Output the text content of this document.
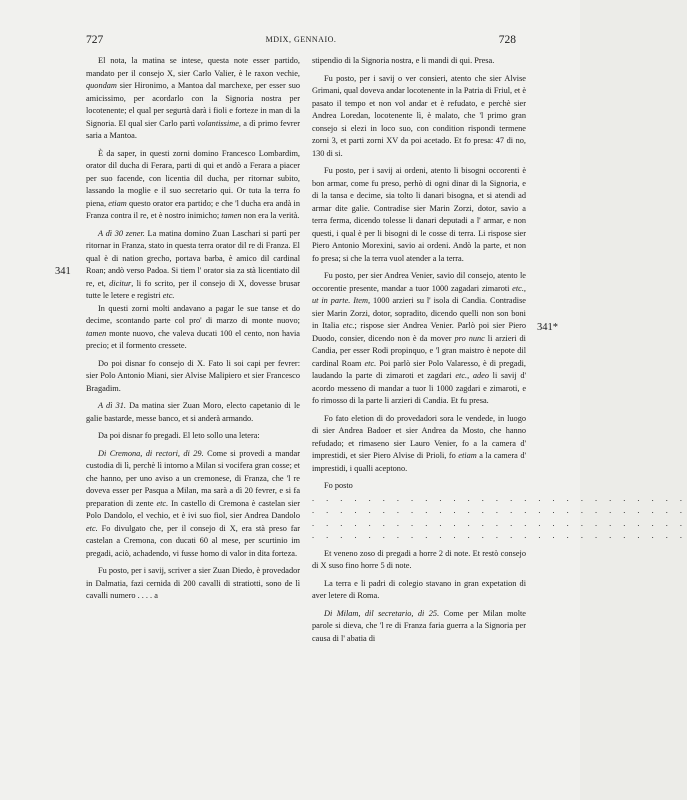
727	MDIX, GENNAIO.	728
341
341*

El nota, la matina se intese, questa note esser partido, mandato per il consejo X, sier Carlo Valier, è le raxon vechie, quondam sier Hironimo, a Mantoa dal marchexe, per esser suo amicissimo, per acordarlo con la Signoria nostra per locotenente; el qual per segurtà darà i fioli e forteze in man di la Signoria. El qual sier Carlo partì volantissime, a dì primo fevrer saria a Mantoa.

È da saper, in questi zorni domino Francesco Lombardim, orator dil ducha di Ferara, parti di qui et andò a Ferara a piacer per suo facende, con licentia dil ducha, per ritornar subito, lassando la moglie e il suo secretario qui. Or tuta la terra fo piena, etiam questo orator era partido; e che 'l ducha era andà in Franza contra il re, et è nostro inimicho; tamen non era la verità.

A dì 30 zener. La matina domino Zuan Laschari si partì per ritornar in Franza, stato in questa terra orator dil re di Franza. El qual è di nation grecho, portava barba, è amico dil cardinal Roan; andò verso Padoa. Si tiem l' orator sia za stà licentiato dil re, et, dicitur, li fo scrito, per il consejo di X, dovesse brusar tutte le letere e registri etc.

In questi zorni molti andavano a pagar le sue tanse et do decime, scontando parte col pro' di marzo di monte nuovo; tamen monte nuovo, che valeva ducati 100 el cento, non havia precio; et il formento cressete.

Do poi disnar fo consejo di X. Fato li soi capi per fevrer: sier Polo Antonio Miani, sier Alvise Malipiero et sier Francesco Bragadim.

A dì 31. Da matina sier Zuan Moro, electo capetanio di le galie bastarde, messe banco, et si anderà armando.

Da poi disnar fo pregadi. El leto sollo una letera:

Di Cremona, di rectori, di 29. Come si provedi a mandar custodia di lì, perchè lì intorno a Milan si vocifera gran cosse; et che hanno, per uno aviso a un cremonese, di Franza, che 'l re doveva esser per Pasqua a Milan, ma sarà a dì 20 fevrer, e si fa preparation di zente etc. In castello di Cremona è castelan sier Polo Dandolo, el vechio, et è ivi suo fiol, sier Andrea Dandolo etc. Fo divulgato che, per il consejo di X, era stà preso far castelan a Cremona, con ducati 60 al mese, per scurtinio im pregadi, aciò, achadendo, vi fusse homo di valor in dita forteza.

Fu posto, per i savij, scriver a sier Zuan Diedo, è provedador in Dalmatia, fazi cernida di 200 cavalli di stratiotti, sono de lì cavalli numero . . . . a

stipendio di la Signoria nostra, e li mandi di qui. Presa.

Fu posto, per i savij o ver consieri, atento che sier Alvise Grimani, qual doveva andar locotenente in la Patria di Friul, et è pasato il tempo et non vol andar et è refudato, e perchè sier Andrea Loredan, locotenente lì, è malato, che 'l primo gran consejo si elezi in loco suo, con condition rispondi termene zorni 3, et parti zorni XV da poi acetado. Et fo presa: 47 di no, 130 di si.

Fu posto, per i savij ai ordeni, atento li bisogni occorenti è bon armar, come fu preso, perhò di ogni dinar di la Signoria, e di la tansa e decime, sia tolto li danari bisogna, et si atendi ad armar dite galie. Contradise sier Marin Zorzi, dotor, savio a terra ferma, dicendo tolesse li danari deputadi a l' armar, e non questi, i qual è per li bisogni di le cosse di terra. Li rispose sier Piero Antonio Morexini, savio ai ordeni. Andò la parte, et non fo presa; si che la terra vuol atender a la terra.

Fu posto, per sier Andrea Venier, savio dil consejo, atento le occorentie presente, mandar a tuor 1000 zagadari zimaroti etc., ut in parte. Item, 1000 arzieri su l' isola di Candia. Contradise sier Marin Zorzi, dotor, sopradito, dicendo quelli non son boni in Italia etc.; rispose sier Andrea Venier. Parlò poi sier Piero Duodo, consier, dicendo non è da mover pro nunc li arzieri di Candia, per esser Rodi propinquo, e 'l gran maistro è nepote dil cardinal Roam etc. Poi parlò sier Polo Valaresso, è di pregadi, laudando la parte di zimaroti et zagdari etc., adeo li savij d' acordo messeno di mandar a tuor li 1000 zagdari e zimaroti, e fo rimosso di la parte li arzieri di Candia. Et fu presa.

Fo fato eletion di do provedadori sora le vendede, in luogo di sier Andrea Badoer et sier Andrea da Mosto, che hanno refudado; et rimaseno sier Lauro Venier, fo a la camera d' imprestidi, et sier Piero Alvise di Prioli, fo etiam a la camera d' imprestidi, i qualli aceptono.

Fo posto

. . . . . . . . . . . . . . . . . . . . . . . . . . .

. . . . . . . . . . . . . . . . . . . . . . . . . . .

. . . . . . . . . . . . . . . . . . . . . . . . . . .

. . . . . . . . . . . . . . . . . . . . . . . . . . .

Et veneno zoso di pregadi a horre 2 di note. Et restò consejo di X suso fino horre 5 di note.

La terra e li padri di colegio stavano in gran expetation di aver letere di Roma.

Di Milam, dil secretario, di 25. Come per Milan molte parole si dieva, che 'l re di Franza faria guerra a la Signoria per causa di l' abatia di
